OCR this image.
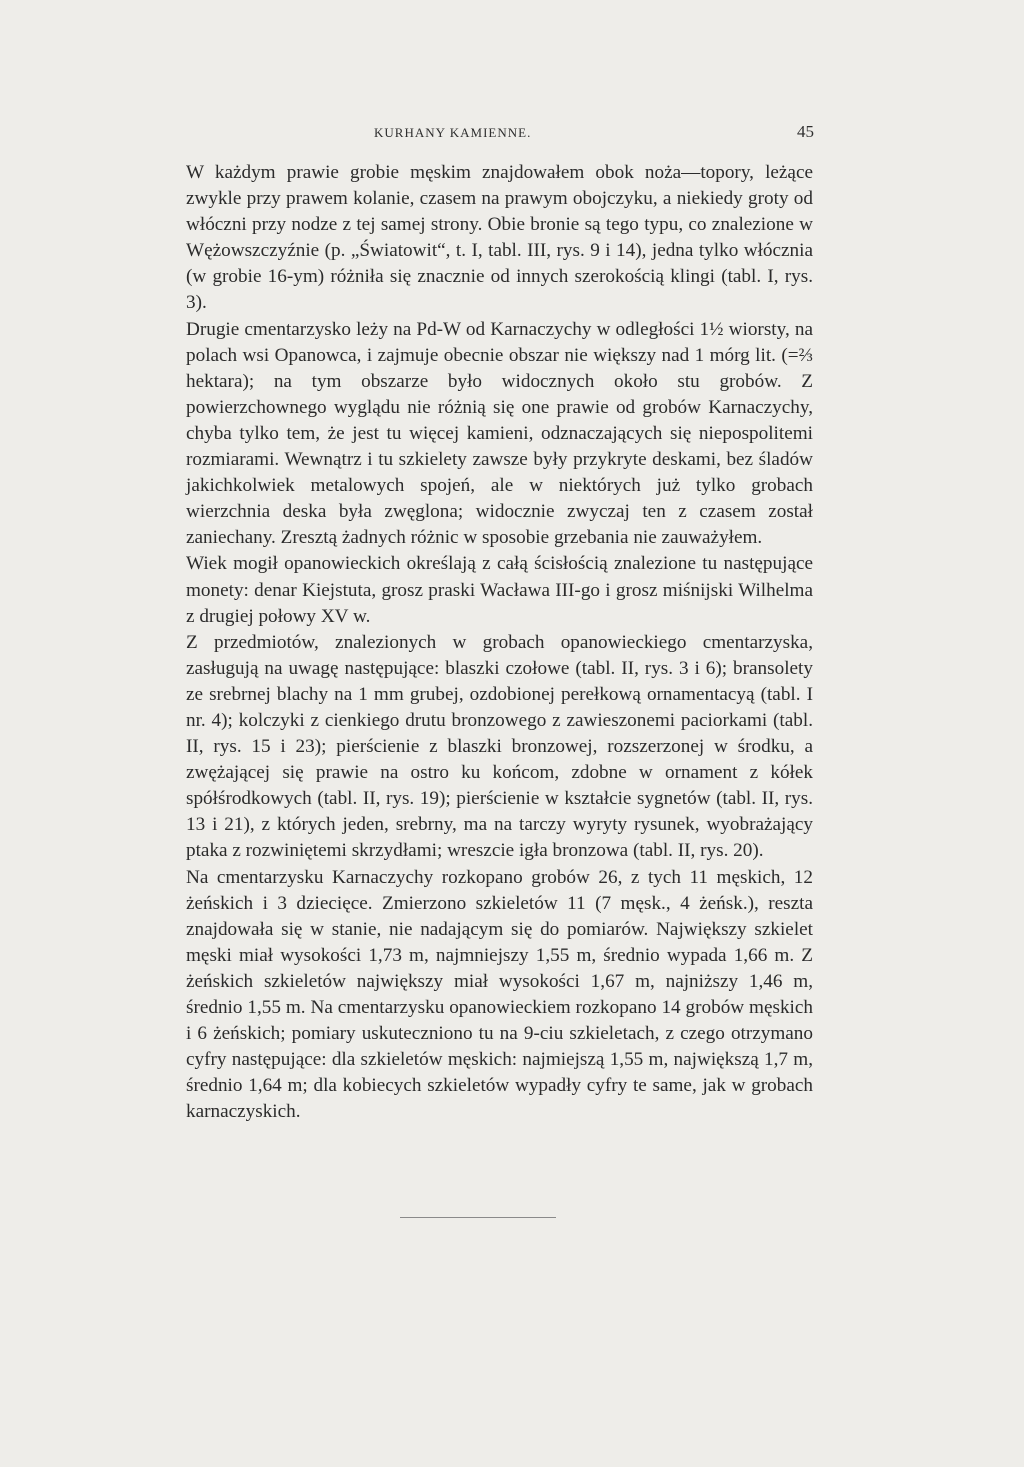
KURHANY KAMIENNE.	45

W każdym prawie grobie męskim znajdowałem obok noża—topory, leżące zwykle przy prawem kolanie, czasem na prawym obojczyku, a niekiedy groty od włóczni przy nodze z tej samej strony. Obie bronie są tego typu, co znalezione w Wężowszczyźnie (p. „Światowit“, t. I, tabl. III, rys. 9 i 14), jedna tylko włócznia (w grobie 16-ym) różniła się znacznie od innych szerokością klingi (tabl. I, rys. 3).

Drugie cmentarzysko leży na Pd-W od Karnaczychy w odległości 1½ wiorsty, na polach wsi Opanowca, i zajmuje obecnie obszar nie większy nad 1 mórg lit. (=⅔ hektara); na tym obszarze było widocznych około stu grobów. Z powierzchownego wyglądu nie różnią się one prawie od grobów Karnaczychy, chyba tylko tem, że jest tu więcej kamieni, odznaczających się niepospolitemi rozmiarami. Wewnątrz i tu szkielety zawsze były przykryte deskami, bez śladów jakichkolwiek metalowych spojeń, ale w niektórych już tylko grobach wierzchnia deska była zwęglona; widocznie zwyczaj ten z czasem został zaniechany. Zresztą żadnych różnic w sposobie grzebania nie zauważyłem.

Wiek mogił opanowieckich określają z całą ścisłością znalezione tu następujące monety: denar Kiejstuta, grosz praski Wacława III-go i grosz miśnijski Wilhelma z drugiej połowy XV w.

Z przedmiotów, znalezionych w grobach opanowieckiego cmentarzyska, zasługują na uwagę następujące: blaszki czołowe (tabl. II, rys. 3 i 6); bransolety ze srebrnej blachy na 1 mm grubej, ozdobionej perełkową ornamentacyą (tabl. I nr. 4); kolczyki z cienkiego drutu bronzowego z zawieszonemi paciorkami (tabl. II, rys. 15 i 23); pierścienie z blaszki bronzowej, rozszerzonej w środku, a zwężającej się prawie na ostro ku końcom, zdobne w ornament z kółek spółśrodkowych (tabl. II, rys. 19); pierścienie w kształcie sygnetów (tabl. II, rys. 13 i 21), z których jeden, srebrny, ma na tarczy wyryty rysunek, wyobrażający ptaka z rozwiniętemi skrzydłami; wreszcie igła bronzowa (tabl. II, rys. 20).

Na cmentarzysku Karnaczychy rozkopano grobów 26, z tych 11 męskich, 12 żeńskich i 3 dziecięce. Zmierzono szkieletów 11 (7 męsk., 4 żeńsk.), reszta znajdowała się w stanie, nie nadającym się do pomiarów. Największy szkielet męski miał wysokości 1,73 m, najmniejszy 1,55 m, średnio wypada 1,66 m. Z żeńskich szkieletów największy miał wysokości 1,67 m, najniższy 1,46 m, średnio 1,55 m. Na cmentarzysku opanowieckiem rozkopano 14 grobów męskich i 6 żeńskich; pomiary uskuteczniono tu na 9-ciu szkieletach, z czego otrzymano cyfry następujące: dla szkieletów męskich: najmiejszą 1,55 m, największą 1,7 m, średnio 1,64 m; dla kobiecych szkieletów wypadły cyfry te same, jak w grobach karnaczyskich.
